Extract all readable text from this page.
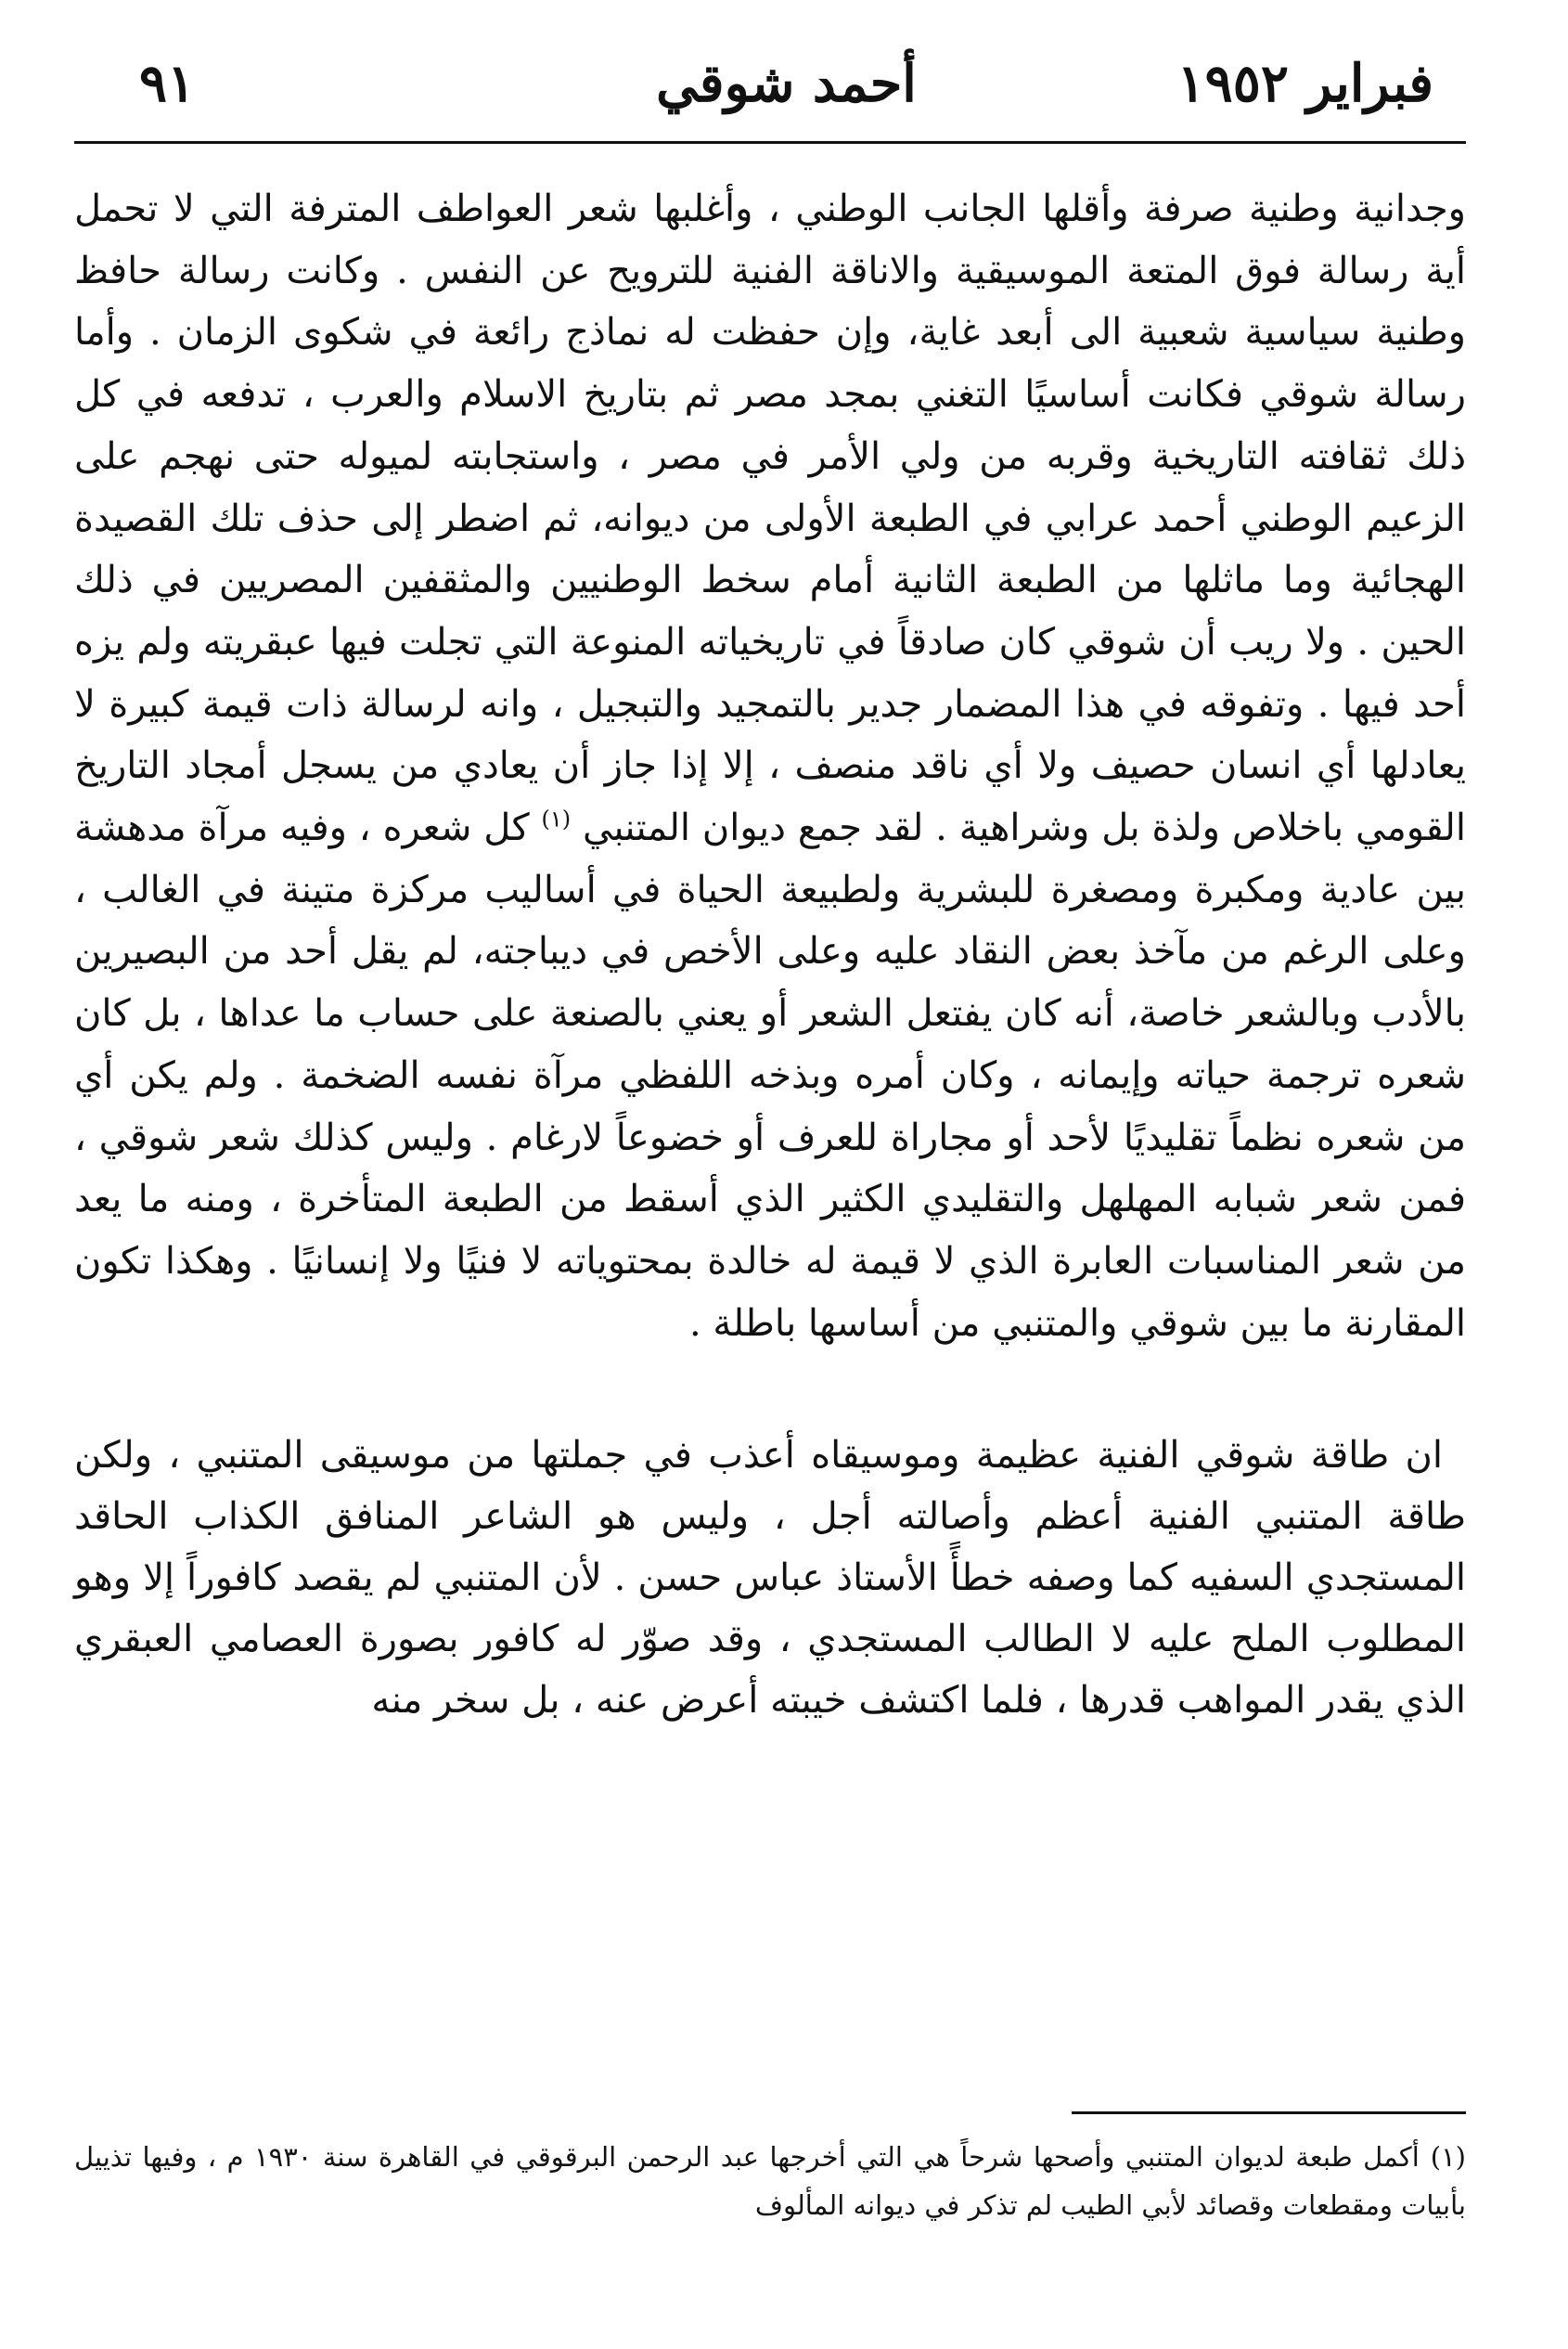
فبراير ١٩٥٢
أحمد شوقي
٩١

وجدانية وطنية صرفة وأقلها الجانب الوطني ، وأغلبها شعر العواطف المترفة التي لا تحمل أية رسالة فوق المتعة الموسيقية والاناقة الفنية للترويح عن النفس . وكانت رسالة حافظ وطنية سياسية شعبية الى أبعد غاية، وإن حفظت له نماذج رائعة في شكوى الزمان . وأما رسالة شوقي فكانت أساسيًا التغني بمجد مصر ثم بتاريخ الاسلام والعرب ، تدفعه في كل ذلك ثقافته التاريخية وقربه من ولي الأمر في مصر ، واستجابته لميوله حتى نهجم على الزعيم الوطني أحمد عرابي في الطبعة الأولى من ديوانه، ثم اضطر إلى حذف تلك القصيدة الهجائية وما ماثلها من الطبعة الثانية أمام سخط الوطنيين والمثقفين المصريين في ذلك الحين . ولا ريب أن شوقي كان صادقاً في تاريخياته المنوعة التي تجلت فيها عبقريته ولم يزه أحد فيها . وتفوقه في هذا المضمار جدير بالتمجيد والتبجيل ، وانه لرسالة ذات قيمة كبيرة لا يعادلها أي انسان حصيف ولا أي ناقد منصف ، إلا إذا جاز أن يعادي من يسجل أمجاد التاريخ القومي باخلاص ولذة بل وشراهية . لقد جمع ديوان المتنبي $^{(١)}$ كل شعره ، وفيه مرآة مدهشة بين عادية ومكبرة ومصغرة للبشرية ولطبيعة الحياة في أساليب مركزة متينة في الغالب ، وعلى الرغم من مآخذ بعض النقاد عليه وعلى الأخص في ديباجته، لم يقل أحد من البصيرين بالأدب وبالشعر خاصة، أنه كان يفتعل الشعر أو يعني بالصنعة على حساب ما عداها ، بل كان شعره ترجمة حياته وإيمانه ، وكان أمره وبذخه اللفظي مرآة نفسه الضخمة . ولم يكن أي من شعره نظماً تقليديًا لأحد أو مجاراة للعرف أو خضوعاً لارغام . وليس كذلك شعر شوقي ، فمن شعر شبابه المهلهل والتقليدي الكثير الذي أسقط من الطبعة المتأخرة ، ومنه ما يعد من شعر المناسبات العابرة الذي لا قيمة له خالدة بمحتوياته لا فنيًا ولا إنسانيًا . وهكذا تكون المقارنة ما بين شوقي والمتنبي من أساسها باطلة .

ان طاقة شوقي الفنية عظيمة وموسيقاه أعذب في جملتها من موسيقى المتنبي ، ولكن طاقة المتنبي الفنية أعظم وأصالته أجل ، وليس هو الشاعر المنافق الكذاب الحاقد المستجدي السفيه كما وصفه خطأً الأستاذ عباس حسن . لأن المتنبي لم يقصد كافوراً إلا وهو المطلوب الملح عليه لا الطالب المستجدي ، وقد صوّر له كافور بصورة العصامي العبقري الذي يقدر المواهب قدرها ، فلما اكتشف خيبته أعرض عنه ، بل سخر منه

(١)أكمل طبعة لديوان المتنبي وأصحها شرحاً هي التي أخرجها عبد الرحمن البرقوقي في القاهرة سنة ١٩٣٠ م ، وفيها تذييل بأبيات ومقطعات وقصائد لأبي الطيب لم تذكر في ديوانه المألوف
